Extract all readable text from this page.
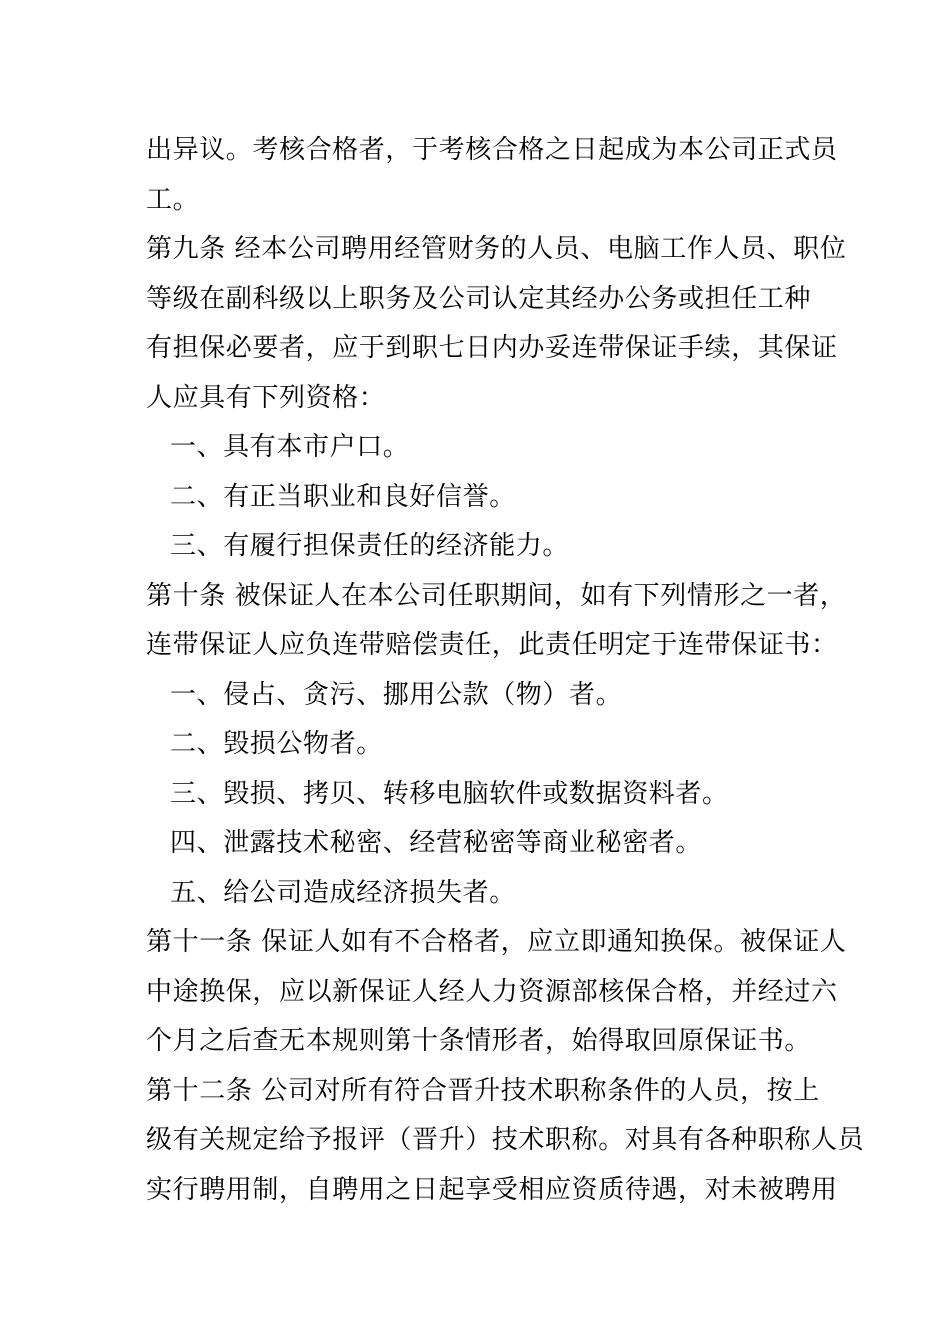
出异议。考核合格者，于考核合格之日起成为本公司正式员
工。
第九条 经本公司聘用经管财务的人员、电脑工作人员、职位
等级在副科级以上职务及公司认定其经办公务或担任工种
有担保必要者，应于到职七日内办妥连带保证手续，其保证
人应具有下列资格：
一、具有本市户口。
二、有正当职业和良好信誉。
三、有履行担保责任的经济能力。
第十条 被保证人在本公司任职期间，如有下列情形之一者，
连带保证人应负连带赔偿责任，此责任明定于连带保证书：
一、侵占、贪污、挪用公款（物）者。
二、毁损公物者。
三、毁损、拷贝、转移电脑软件或数据资料者。
四、泄露技术秘密、经营秘密等商业秘密者。
五、给公司造成经济损失者。
第十一条 保证人如有不合格者，应立即通知换保。被保证人
中途换保，应以新保证人经人力资源部核保合格，并经过六
个月之后查无本规则第十条情形者，始得取回原保证书。
第十二条 公司对所有符合晋升技术职称条件的人员，按上
级有关规定给予报评（晋升）技术职称。对具有各种职称人员
实行聘用制，自聘用之日起享受相应资质待遇，对未被聘用
